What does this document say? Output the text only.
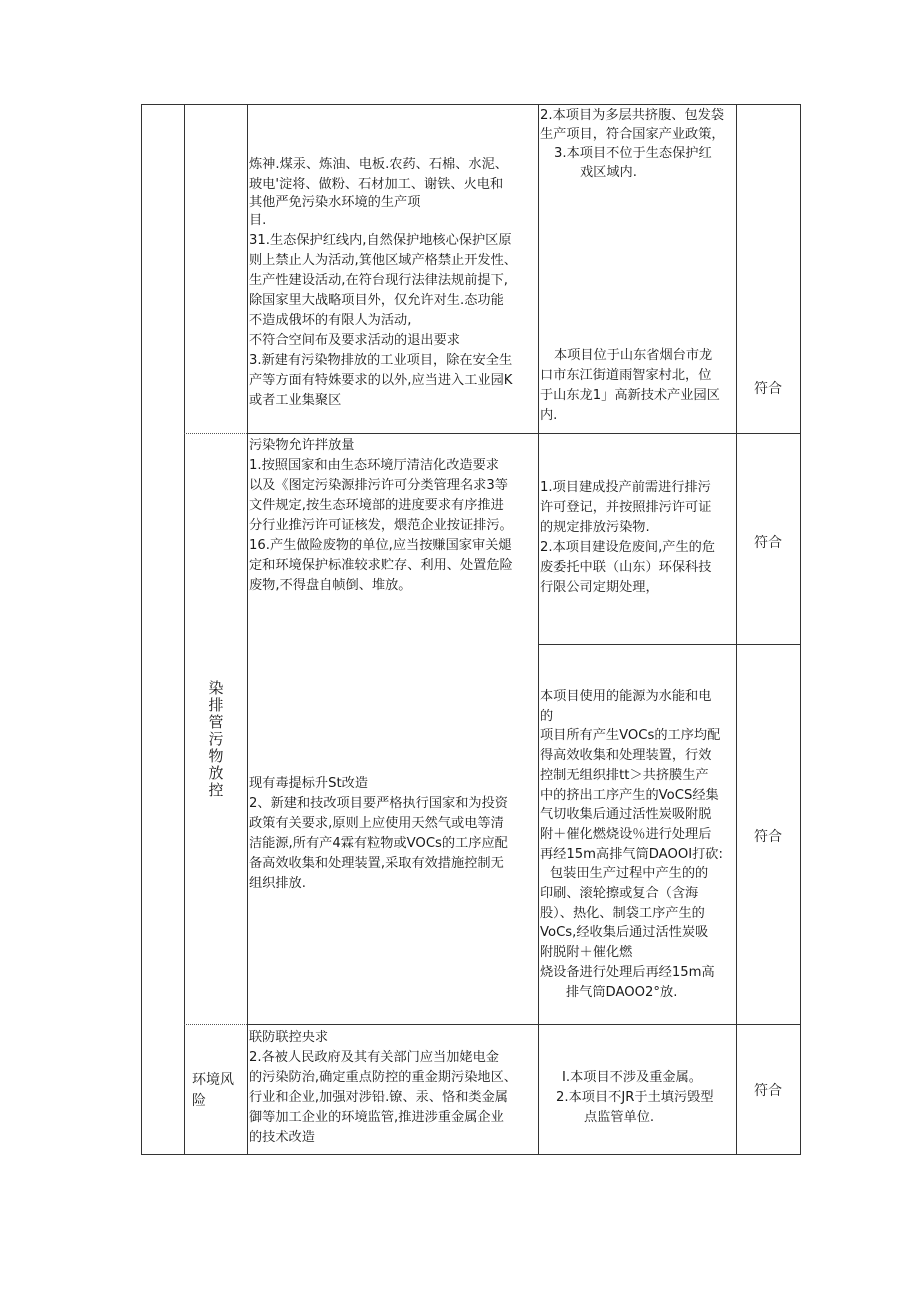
炼神.煤汞、炼油、电板.农药、石棉、水泥、
玻电'淀将、做粉、石材加工、谢铁、火电和
其他严免污染水环境的生产项
目.
31.生态保护红线内,自然保护地核心保护区原
则上禁止人为活动,箕他区域产格禁止开发性、
生产性建设活动,在符台现行法律法规前提下,
除国家里大战略项目外，仅允许对生.态功能
不造成俄坏的有限人为活动,
不符合空间布及要求活动的退出要求
3.新建有污染物排放的工业项目，除在安全生
产等方面有特姝要求的以外,应当进入工业园K
或者工业集聚区
2.本项目为多层共挤腹、包发袋
生产项目，符合国家产业政策，
3.本项目不位于生态保护红
戏区域内.
本项目位于山东省烟台市龙
口市东江街道雨智家村北，位
于山东龙1」高新技术产业园区
内.
符合
污染物允许拌放量
1.按照国家和由生态环境厅清洁化改造要求
以及《图定污染源排污许可分类管理名求3等
文件规定,按生态环境部的进度要求有序推进
分行业推污许可证核发，煨范企业按证排污。
16.产生做险废物的单位,应当按赚国家审关煺
定和环境保护标准较求贮存、利用、处置危险
废物,不得盘自帧倒、堆放。
1.项目建成投产前需进行排污
许可登记，并按照排污许可证
的规定排放污染物.
2.本项目建设危废间,产生的危
废委托中联（山东）环保科技
行限公司定期处理，
符合
染
排
管
污
物
放
控 现有毒提标升St改造
2、新建和技改项目要严格执行国家和为投资
政策有关要求,原则上应使用天然气或电等清
洁能源,所有产4霖有粒物或VOCs的工序应配
备高效收集和处理装置,采取有效措施控制无
组织排放.
本项目使用的能源为水能和电
的
项目所有产生VOCs的工序均配
得高效收集和处理装置，行效
控制无组织排tt＞共挤膜生产
中的挤出工序产生的VoCS经集
气切收集后通过活性炭吸附脱
附＋催化燃烧设％进行处理后
再经15m高排气筒DAOOI打砍:
包装田生产过程中产生的的
印刷、滚轮擦或复合（含海
股）、热化、制袋工序产生的
VoCs,经收集后通过活性炭吸
附脱附＋催化燃
烧设备进行处理后再经15m高
排气筒DAOO2°放.
符合
环境风
险
联防联控央求
2.各被人民政府及其有关部门应当加姥电金
的污染防治,确定重点防控的重金期污染地区、
行业和企业,加强对涉铅.镣、汞、恪和类金属
御等加工企业的环境监管,推进涉重金属企业
的技术改造
I.本项目不涉及重金属。
2.本项目不JR于土填污毁型
点监管单位.
符合
